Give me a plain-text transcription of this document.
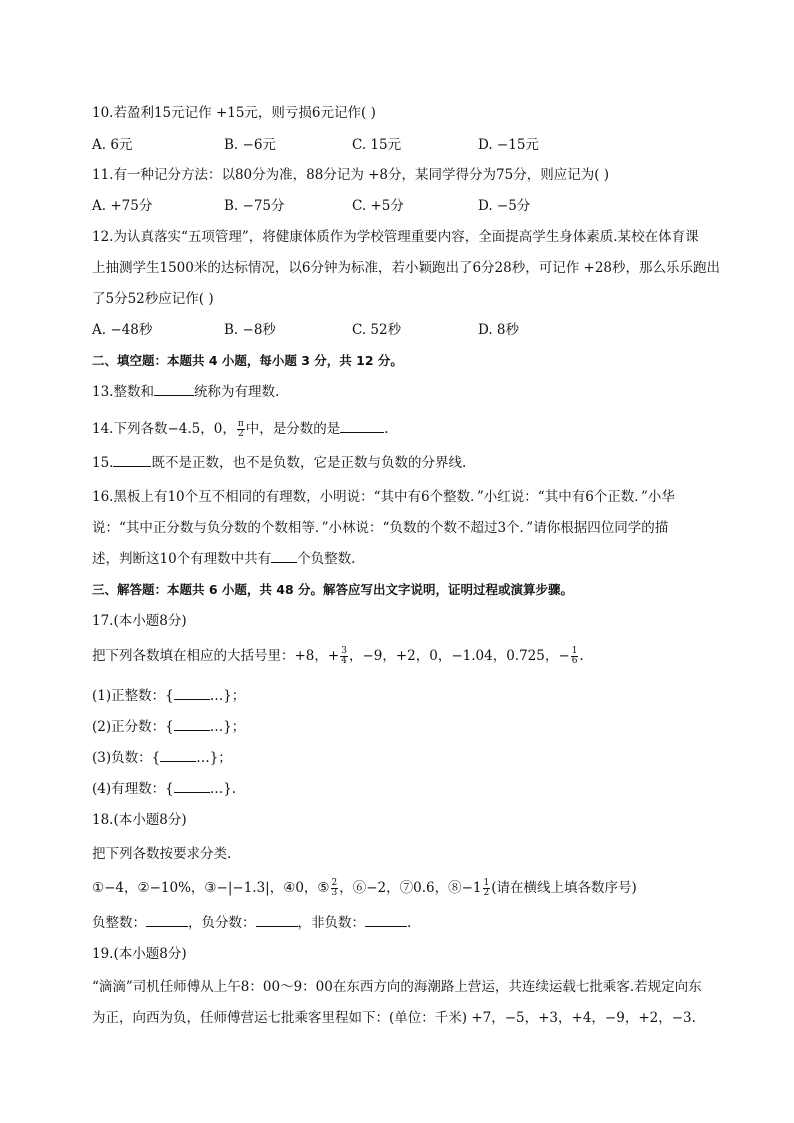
10.若盈利15元记作 +15元，则亏损6元记作( )
A. 6元	B. −6元	C. 15元	D. −15元
11.有一种记分方法：以80分为准，88分记为 +8分，某同学得分为75分，则应记为( )
A. +75分	B. −75分	C. +5分	D. −5分
12.为认真落实“五项管理”，将健康体质作为学校管理重要内容，全面提高学生身体素质.某校在体育课
上抽测学生1500米的达标情况，以6分钟为标准，若小颖跑出了6分28秒，可记作 +28秒，那么乐乐跑出
了5分52秒应记作( )
A. −48秒	B. −8秒	C. 52秒	D. 8秒
二、填空题：本题共 4 小题，每小题 3 分，共 12 分。
13.整数和	统称为有理数.
14.下列各数−4.5，0， $\frac{\pi}{2}$ 中，是分数的是	.
15.	既不是正数，也不是负数，它是正数与负数的分界线.
16.黑板上有10个互不相同的有理数，小明说：“其中有6个整数．”小红说：“其中有6个正数．”小华
说：“其中正分数与负分数的个数相等．”小林说：“负数的个数不超过3个．”请你根据四位同学的描
述，判断这10个有理数中共有 个负整数.
三、解答题：本题共 6 小题，共 48 分。解答应写出文字说明，证明过程或演算步骤。
17.(本小题8分)
把下列各数填在相应的大括号里：+8，+ $\frac{3}{4}$ ，−9，+2，0，−1.04，0.725，− $\frac{1}{6}$ .
(1)正整数：{	…}；
(2)正分数：{	…}；
(3)负数：{	…}；
(4)有理数：{	…}.
18.(本小题8分)
把下列各数按要求分类.
①−4，②−10%，③−|−1.3|，④0，⑤ $\frac{2}{3}$ ，⑥−2，⑦0.6，⑧−1 $\frac{1}{2}$ (请在横线上填各数序号)
负整数：	，负分数：	，非负数：	.
19.(本小题8分)
“滴滴”司机任师傅从上午8：00～9：00在东西方向的海潮路上营运，共连续运载七批乘客.若规定向东
为正，向西为负，任师傅营运七批乘客里程如下：(单位：千米) +7，−5，+3，+4，−9，+2，−3.
